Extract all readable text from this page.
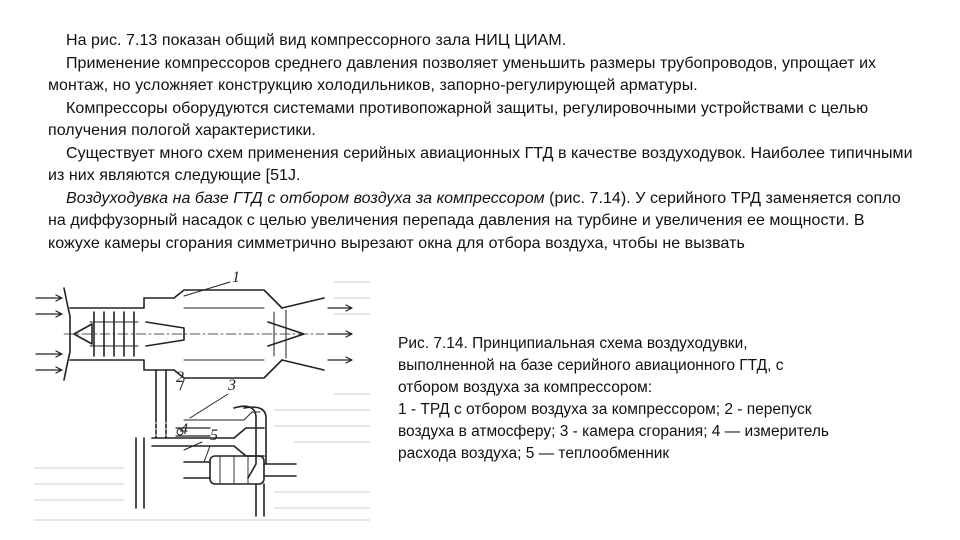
На рис. 7.13 показан общий вид компрессорного зала НИЦ ЦИАМ.

Применение компрессоров среднего давления позволяет уменьшить размеры трубопроводов, упрощает их монтаж, но усложняет конструкцию холодильников, запорно-регулирующей арматуры.

Компрессоры оборудуются системами противопожарной защиты, регулировочными устройствами с целью получения пологой характеристики.

Существует много схем применения серийных авиационных ГТД в качестве воздуходувок. Наиболее типичными из них являются следующие [51J.

Воздуходувка на базе ГТД с отбором воздуха за компрессором (рис. 7.14). У серийного ТРД заменяется сопло на диффузорный насадок с целью увеличения перепада давления на турбине и увеличения ее мощности. В кожухе камеры сгорания симметрично вырезают окна для отбора воздуха, чтобы не вызвать

1
2	3
4 5

Рис. 7.14. Принципиальная схема воздуходувки, выполненной на базе серийного авиационного ГТД, с отбором воздуха за компрессором:

1 - ТРД с отбором воздуха за компрессором; 2 - перепуск воздуха в атмосферу; 3 - камера сгорания; 4 — измеритель расхода воздуха; 5 — теплообменник
